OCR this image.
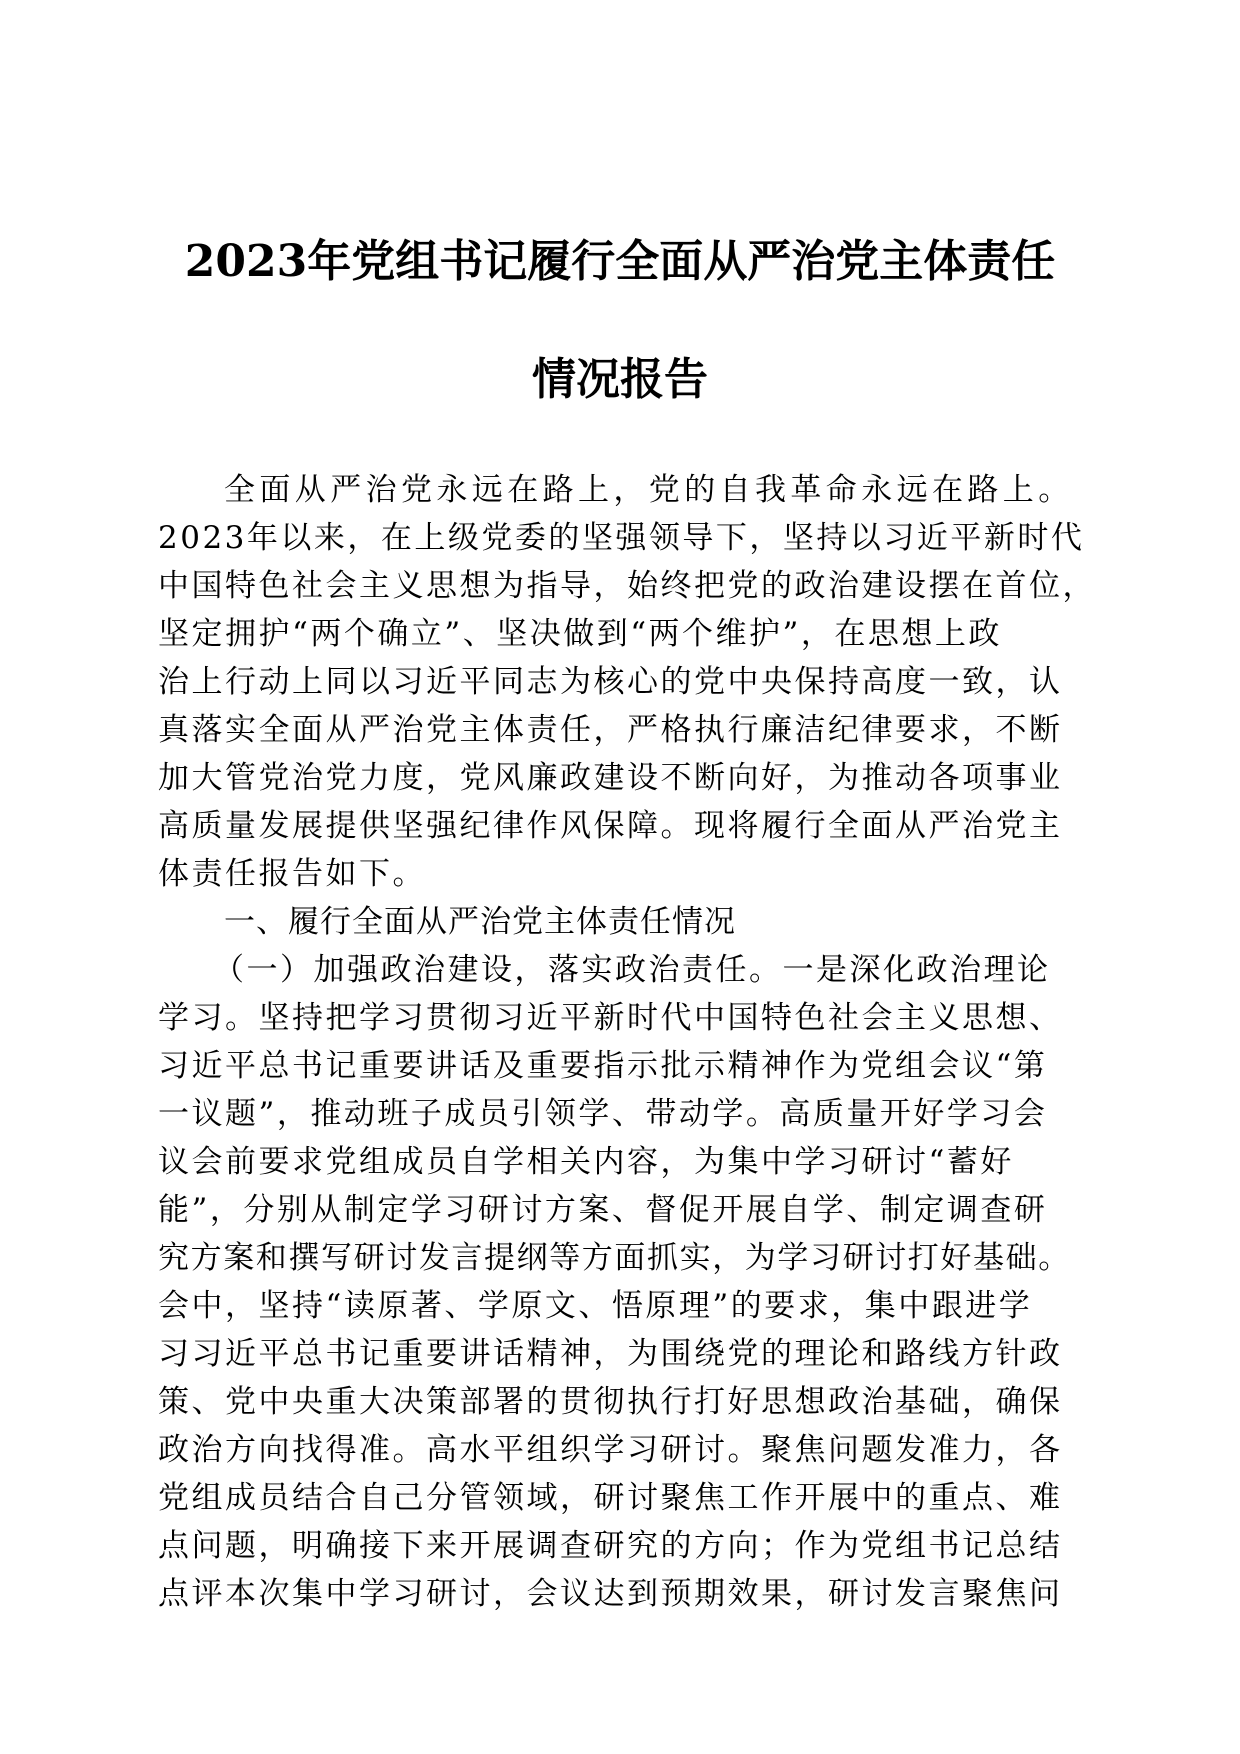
2023年党组书记履行全面从严治党主体责任
情况报告
全面从严治党永远在路上，党的自我革命永远在路上。
2023年以来，在上级党委的坚强领导下，坚持以习近平新时代
中国特色社会主义思想为指导，始终把党的政治建设摆在首位，
坚定拥护“两个确立”、坚决做到“两个维护”，在思想上政
治上行动上同以习近平同志为核心的党中央保持高度一致，认
真落实全面从严治党主体责任，严格执行廉洁纪律要求，不断
加大管党治党力度，党风廉政建设不断向好，为推动各项事业
高质量发展提供坚强纪律作风保障。现将履行全面从严治党主
体责任报告如下。
一、履行全面从严治党主体责任情况
（一）加强政治建设，落实政治责任。一是深化政治理论
学习。坚持把学习贯彻习近平新时代中国特色社会主义思想、
习近平总书记重要讲话及重要指示批示精神作为党组会议“第
一议题”，推动班子成员引领学、带动学。高质量开好学习会
议会前要求党组成员自学相关内容，为集中学习研讨“蓄好
能”，分别从制定学习研讨方案、督促开展自学、制定调查研
究方案和撰写研讨发言提纲等方面抓实，为学习研讨打好基础。
会中，坚持“读原著、学原文、悟原理”的要求，集中跟进学
习习近平总书记重要讲话精神，为围绕党的理论和路线方针政
策、党中央重大决策部署的贯彻执行打好思想政治基础，确保
政治方向找得准。高水平组织学习研讨。聚焦问题发准力，各
党组成员结合自己分管领域，研讨聚焦工作开展中的重点、难
点问题，明确接下来开展调查研究的方向；作为党组书记总结
点评本次集中学习研讨，会议达到预期效果，研讨发言聚焦问
